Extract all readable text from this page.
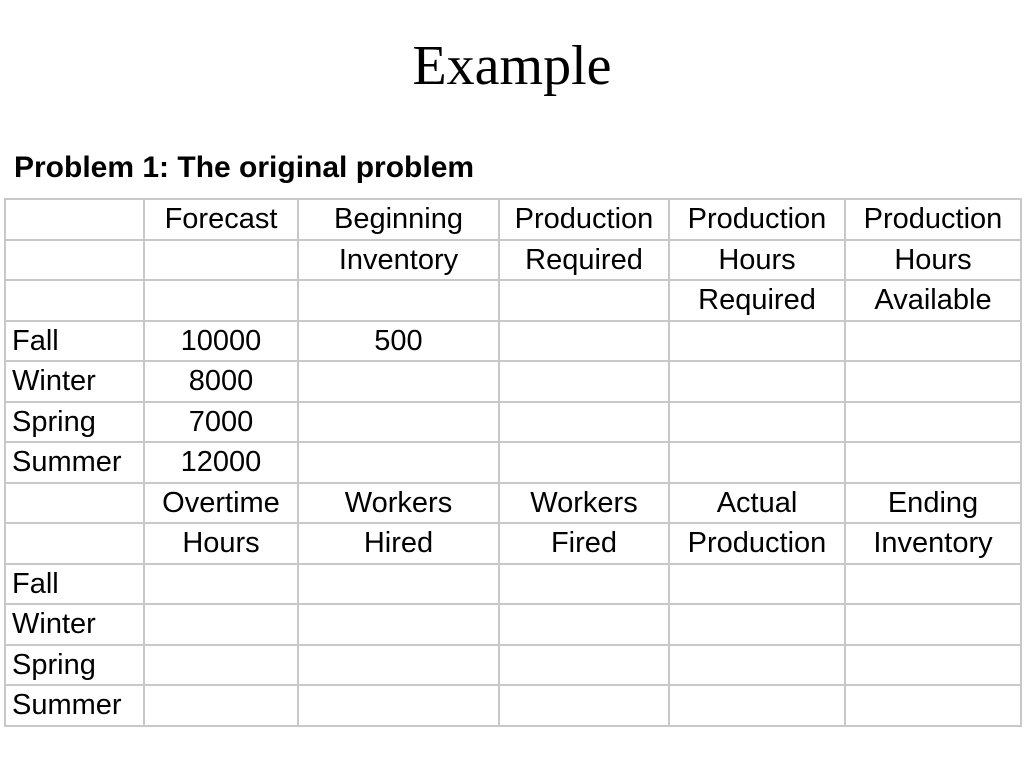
Example
Problem 1: The original problem
	Forecast	Beginning	Production	Production	Production
		Inventory	Required	Hours	Hours
				Required	Available
Fall	10000	500			
Winter	8000				
Spring	7000				
Summer	12000				
	Overtime	Workers	Workers	Actual	Ending
	Hours	Hired	Fired	Production	Inventory
Fall					
Winter					
Spring					
Summer					
